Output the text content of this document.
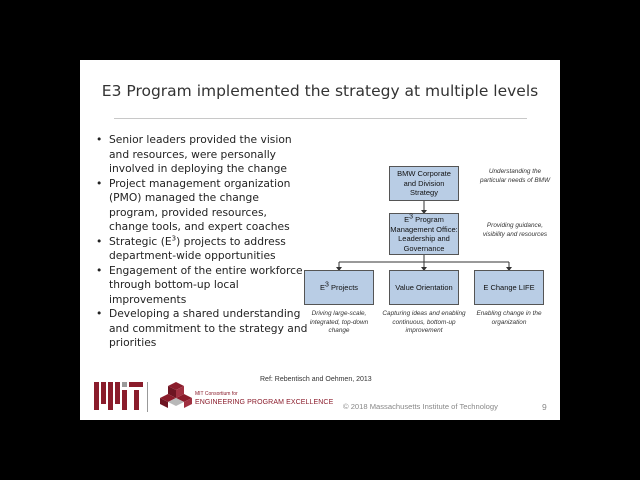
E3 Program implemented the strategy at multiple levels
• Senior leaders provided the vision and resources, were personally involved in deploying the change
• Project management organization (PMO) managed the change program, provided resources, change tools, and expert coaches
• Strategic $(E^3)$ projects to address department-wide opportunities
• Engagement of the entire workforce through bottom-up local improvements
• Developing a shared understanding and commitment to the strategy and priorities
BMW Corporate and Division Strategy
E3 Program Management Office: Leadership and Governance
E3 Projects	Value Orientation	E Change LIFE
Understanding the particular needs of BMW
Providing guidance, visibility and resources
Driving large-scale, integrated, top-down change
Capturing ideas and enabling continuous, bottom-up improvement
Enabling change in the organization
Ref: Rebentisch and Oehmen, 2013
MIT Consortium for
ENGINEERING PROGRAM EXCELLENCE © 2018 Massachusetts Institute of Technology	9
